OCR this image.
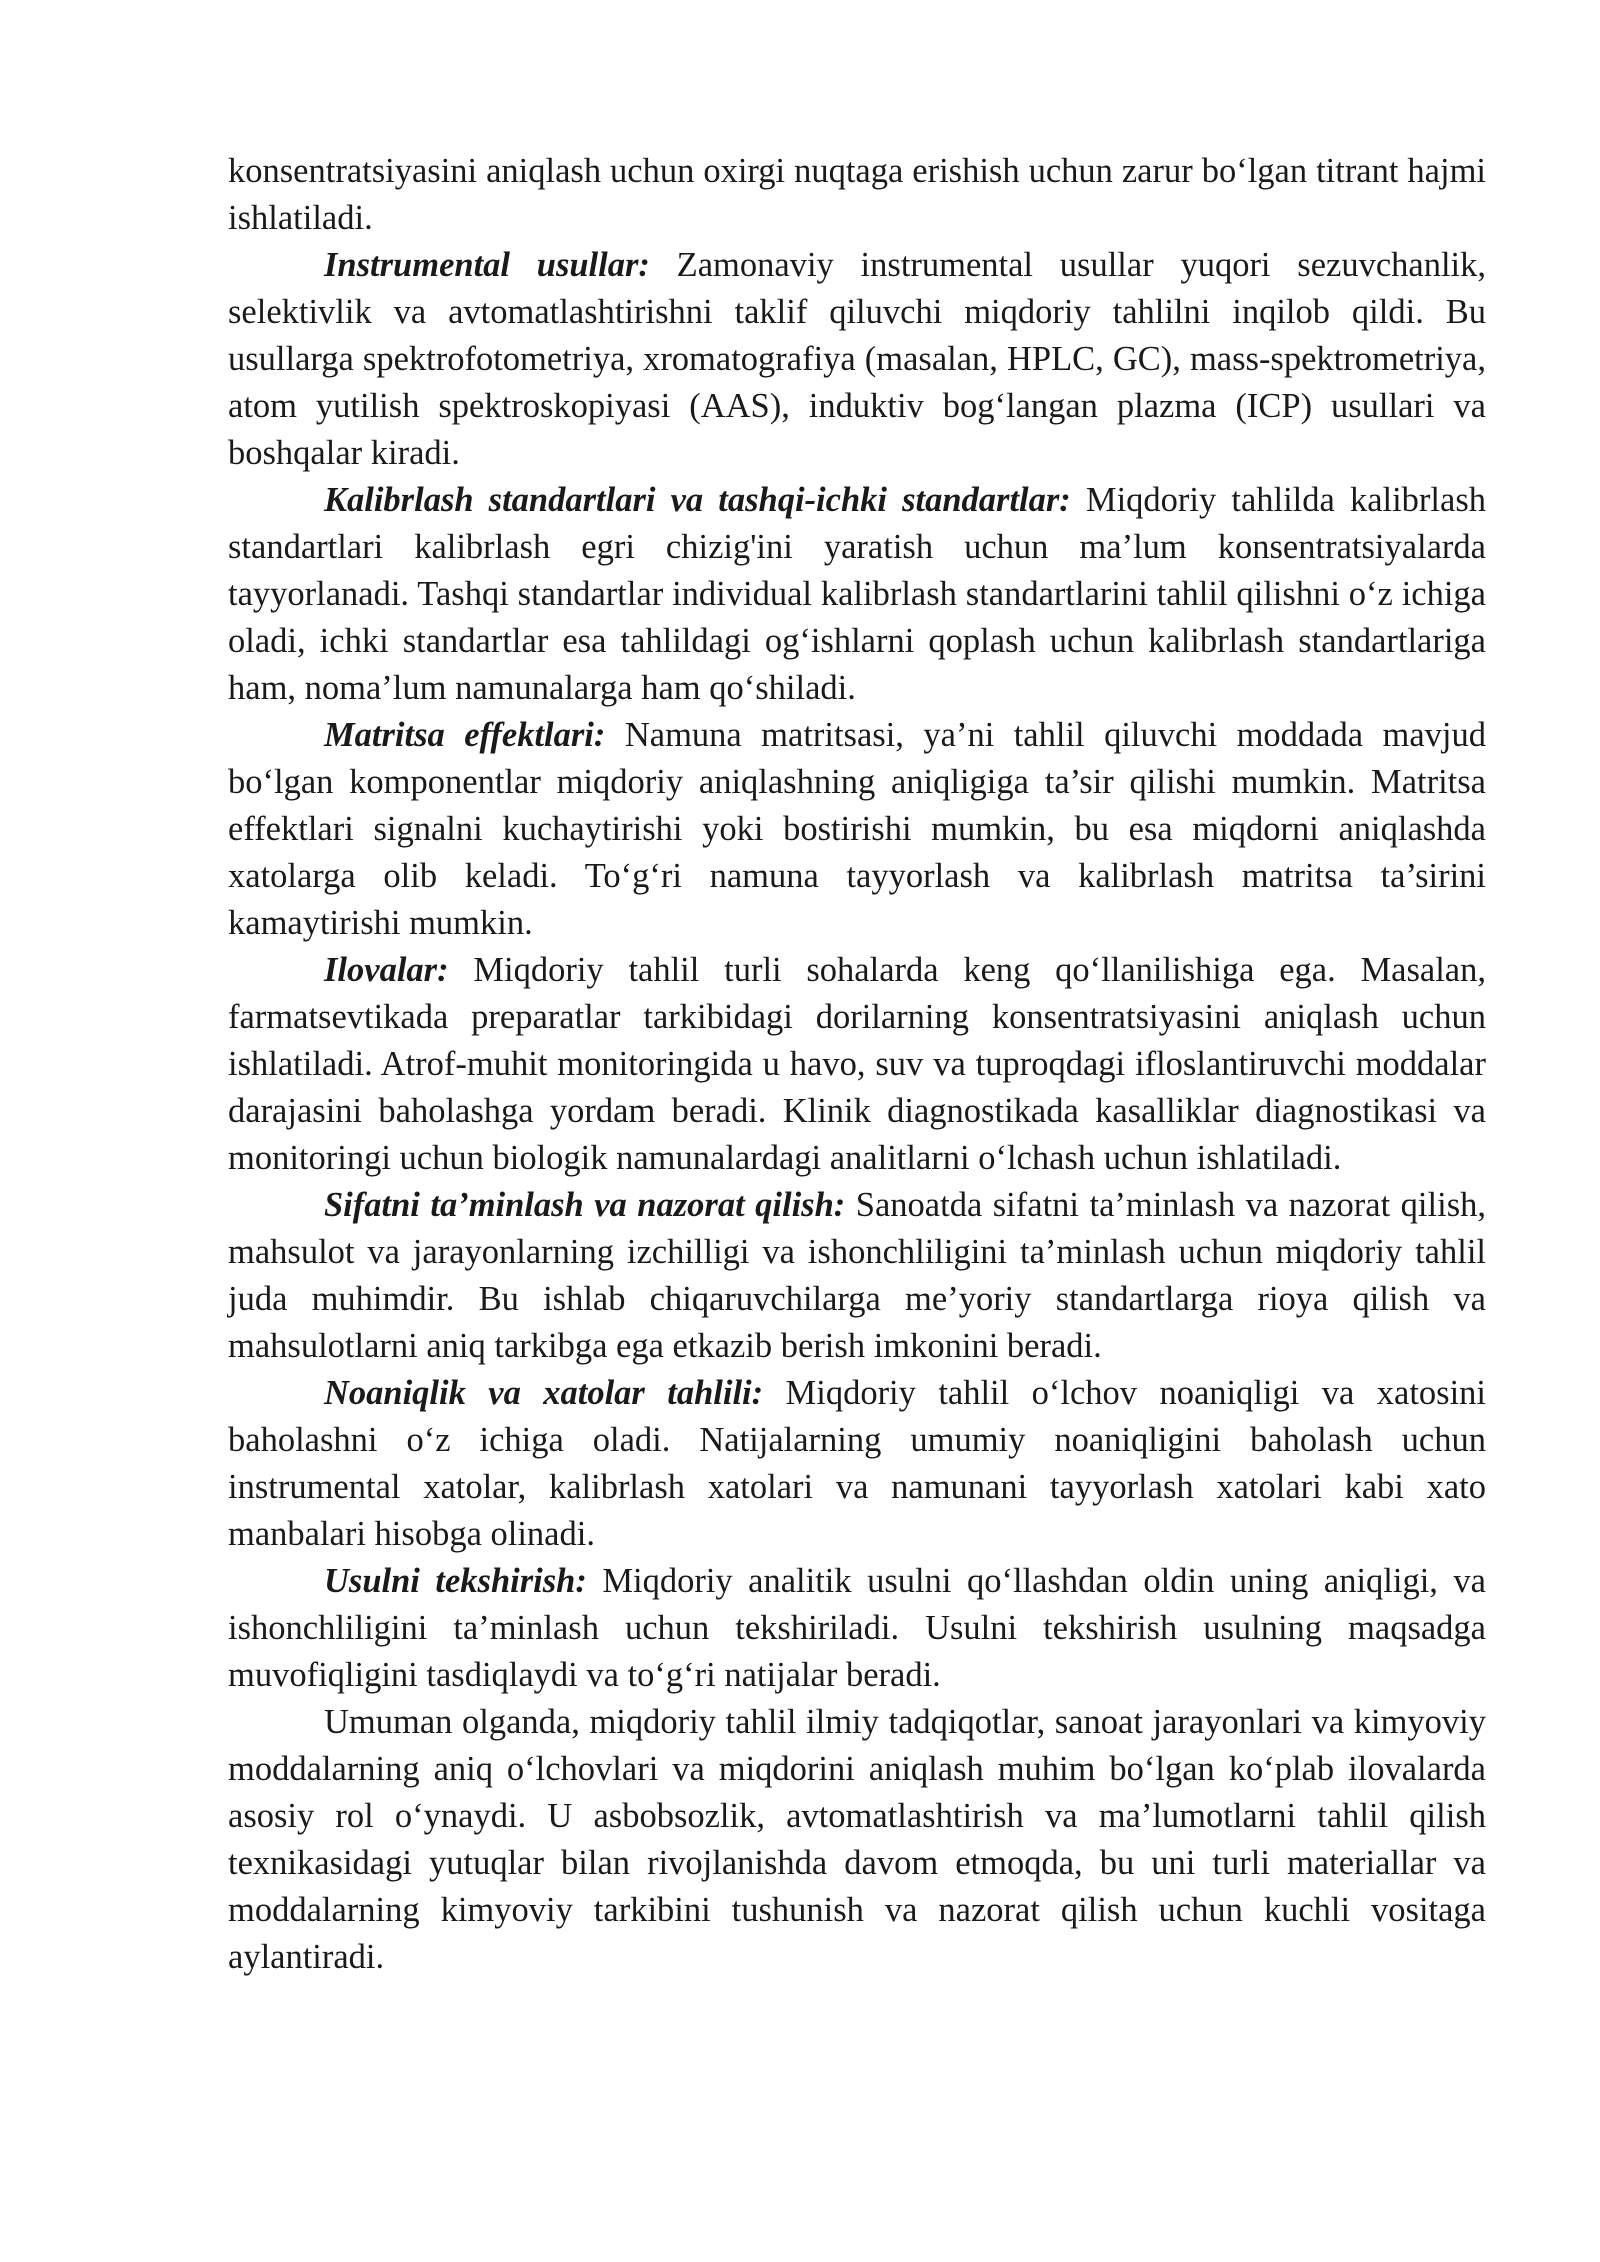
konsentratsiyasini aniqlash uchun oxirgi nuqtaga erishish uchun zarur bo‘lgan titrant hajmi ishlatiladi.

Instrumental usullar: Zamonaviy instrumental usullar yuqori sezuvchanlik, selektivlik va avtomatlashtirishni taklif qiluvchi miqdoriy tahlilni inqilob qildi. Bu usullarga spektrofotometriya, xromatografiya (masalan, HPLC, GC), mass-spektrometriya, atom yutilish spektroskopiyasi (AAS), induktiv bog‘langan plazma (ICP) usullari va boshqalar kiradi.

Kalibrlash standartlari va tashqi-ichki standartlar: Miqdoriy tahlilda kalibrlash standartlari kalibrlash egri chizig'ini yaratish uchun ma’lum konsentratsiyalarda tayyorlanadi. Tashqi standartlar individual kalibrlash standartlarini tahlil qilishni o‘z ichiga oladi, ichki standartlar esa tahlildagi og‘ishlarni qoplash uchun kalibrlash standartlariga ham, noma’lum namunalarga ham qo‘shiladi.

Matritsa effektlari: Namuna matritsasi, ya’ni tahlil qiluvchi moddada mavjud bo‘lgan komponentlar miqdoriy aniqlashning aniqligiga ta’sir qilishi mumkin. Matritsa effektlari signalni kuchaytirishi yoki bostirishi mumkin, bu esa miqdorni aniqlashda xatolarga olib keladi. To‘g‘ri namuna tayyorlash va kalibrlash matritsa ta’sirini kamaytirishi mumkin.

Ilovalar: Miqdoriy tahlil turli sohalarda keng qo‘llanilishiga ega. Masalan, farmatsevtikada preparatlar tarkibidagi dorilarning konsentratsiyasini aniqlash uchun ishlatiladi. Atrof-muhit monitoringida u havo, suv va tuproqdagi ifloslantiruvchi moddalar darajasini baholashga yordam beradi. Klinik diagnostikada kasalliklar diagnostikasi va monitoringi uchun biologik namunalardagi analitlarni o‘lchash uchun ishlatiladi.

Sifatni ta’minlash va nazorat qilish: Sanoatda sifatni ta’minlash va nazorat qilish, mahsulot va jarayonlarning izchilligi va ishonchliligini ta’minlash uchun miqdoriy tahlil juda muhimdir. Bu ishlab chiqaruvchilarga me’yoriy standartlarga rioya qilish va mahsulotlarni aniq tarkibga ega etkazib berish imkonini beradi.

Noaniqlik va xatolar tahlili: Miqdoriy tahlil o‘lchov noaniqligi va xatosini baholashni o‘z ichiga oladi. Natijalarning umumiy noaniqligini baholash uchun instrumental xatolar, kalibrlash xatolari va namunani tayyorlash xatolari kabi xato manbalari hisobga olinadi.

Usulni tekshirish: Miqdoriy analitik usulni qo‘llashdan oldin uning aniqligi, va ishonchliligini ta’minlash uchun tekshiriladi. Usulni tekshirish usulning maqsadga muvofiqligini tasdiqlaydi va to‘g‘ri natijalar beradi.

Umuman olganda, miqdoriy tahlil ilmiy tadqiqotlar, sanoat jarayonlari va kimyoviy moddalarning aniq o‘lchovlari va miqdorini aniqlash muhim bo‘lgan ko‘plab ilovalarda asosiy rol o‘ynaydi. U asbobsozlik, avtomatlashtirish va ma’lumotlarni tahlil qilish texnikasidagi yutuqlar bilan rivojlanishda davom etmoqda, bu uni turli materiallar va moddalarning kimyoviy tarkibini tushunish va nazorat qilish uchun kuchli vositaga aylantiradi.
